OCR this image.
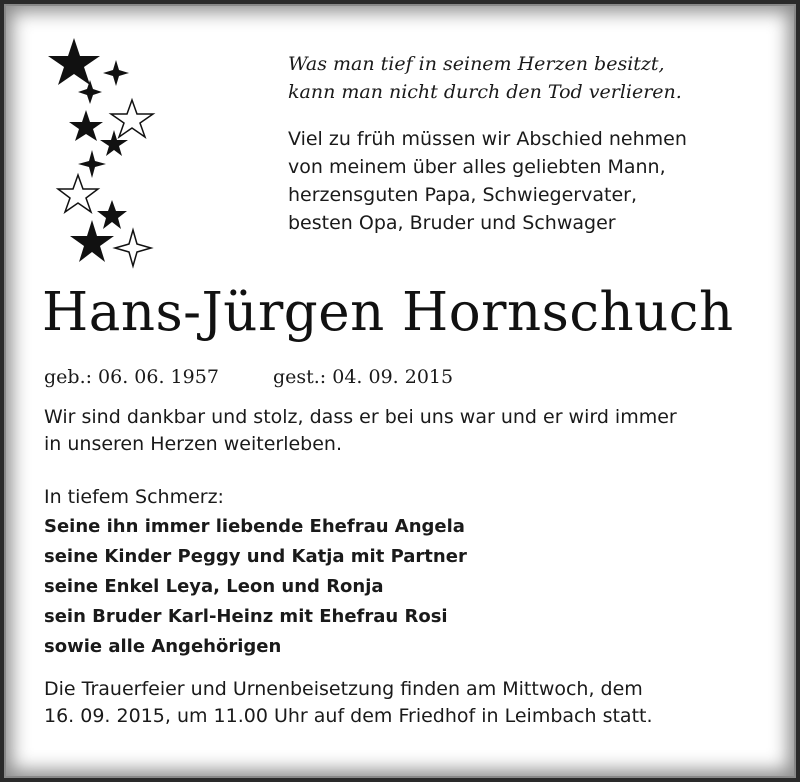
Was man tief in seinem Herzen besitzt,
kann man nicht durch den Tod verlieren.
Viel zu früh müssen wir Abschied nehmen
von meinem über alles geliebten Mann,
herzensguten Papa, Schwiegervater,
besten Opa, Bruder und Schwager
Hans-Jürgen Hornschuch
geb.: 06. 06. 1957	gest.: 04. 09. 2015
Wir sind dankbar und stolz, dass er bei uns war und er wird immer
in unseren Herzen weiterleben.
In tiefem Schmerz:
Seine ihn immer liebende Ehefrau Angela
seine Kinder Peggy und Katja mit Partner
seine Enkel Leya, Leon und Ronja
sein Bruder Karl-Heinz mit Ehefrau Rosi
sowie alle Angehörigen
Die Trauerfeier und Urnenbeisetzung finden am Mittwoch, dem
16. 09. 2015, um 11.00 Uhr auf dem Friedhof in Leimbach statt.
